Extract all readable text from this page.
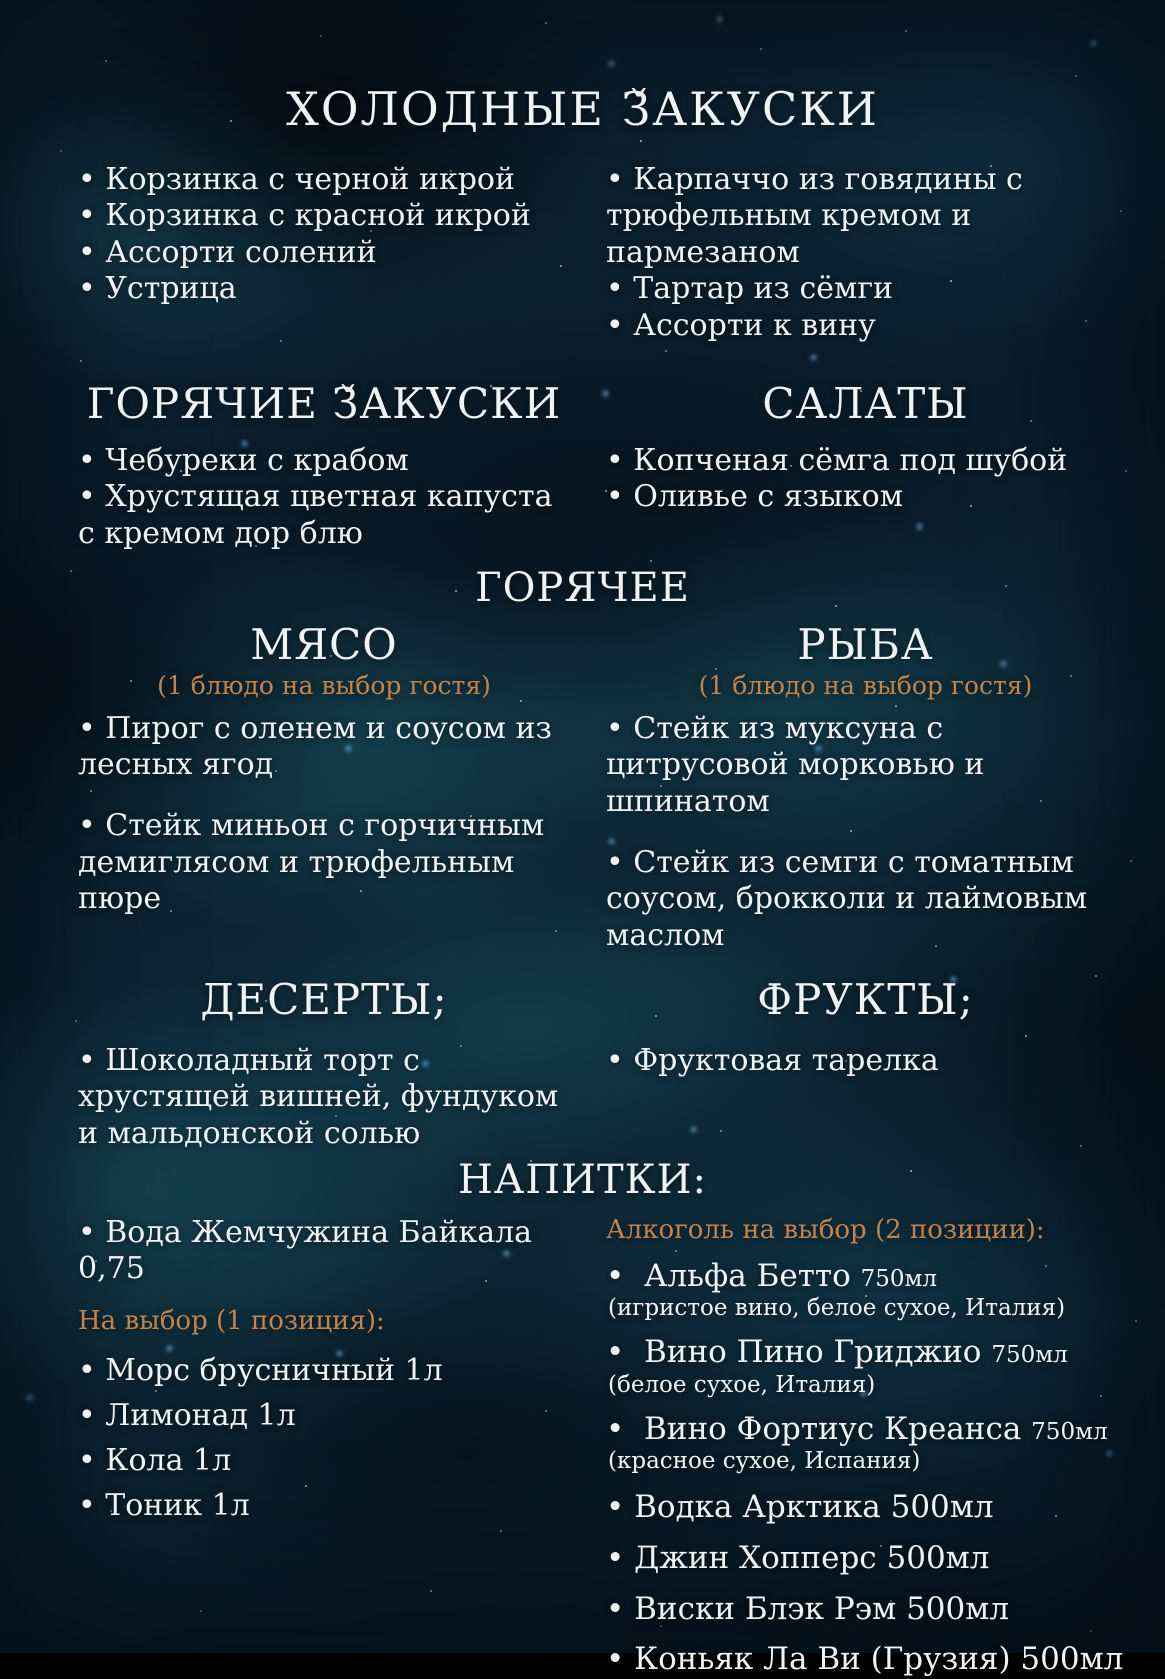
ХОЛОДНЫЕ З̌АКУСКИ
• Корзинка с черной икрой
• Корзинка с красной икрой
• Ассорти солений
• Устрица
• Карпаччо из говядины с трюфельным кремом и пармезаном
• Тартар из сёмги
• Ассорти к вину
ГОРЯЧИЕ З̌АКУСКИ	САЛАТЫ
• Чебуреки с крабом
• Хрустящая цветная капуста с кремом дор блю
• Копченая сёмга под шубой
• Оливье с языком
ГОРЯЧЕЕ
МЯСО
(1 блюдо на выбор гостя)
• Пирог с оленем и соусом из лесных ягод
• Стейк миньон с горчичным демиглясом и трюфельным пюре
РЫБА
(1 блюдо на выбор гостя)
• Стейк из муксуна с цитрусовой морковью и шпинатом
• Стейк из семги с томатным соусом, брокколи и лаймовым маслом
ДЕСЕРТЫ;	ФРУКТЫ;
• Шоколадный торт с хрустящей вишней, фундуком и мальдонской солью
• Фруктовая тарелка
НАПИТКИ:
• Вода Жемчужина Байкала 0,75
На выбор (1 позиция):
• Морс брусничный 1л
• Лимонад 1л
• Кола 1л
• Тоник 1л
Алкоголь на выбор (2 позиции):
• Альфа Бетто 750мл
(игристое вино, белое сухое, Италия)
• Вино Пино Гриджио 750мл
(белое сухое, Италия)
• Вино Фортиус Креанса 750мл
(красное сухое, Испания)
• Водка Арктика 500мл
• Джин Хопперс 500мл
• Виски Блэк Рэм 500мл
• Коньяк Ла Ви (Грузия) 500мл
